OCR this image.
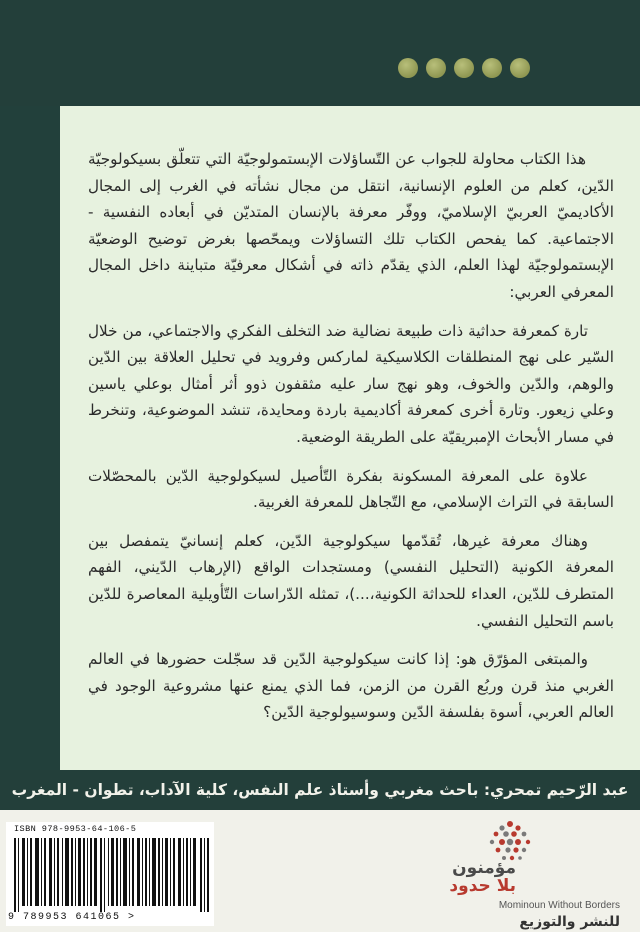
هذا الكتاب محاولة للجواب عن التّساؤلات الإبستمولوجيّة التي تتعلّق بسيكولوجيّة الدّين، كعلم من العلوم الإنسانية، انتقل من مجال نشأته في الغرب إلى المجال الأكاديميّ العربيّ الإسلاميّ، ووفّر معرفة بالإنسان المتديّن في أبعاده النفسية - الاجتماعية. كما يفحص الكتاب تلك التساؤلات ويمحّصها بغرض توضيح الوضعيّة الإبستمولوجيّة لهذا العلم، الذي يقدّم ذاته في أشكال معرفيّة متباينة داخل المجال المعرفي العربي:

تارة كمعرفة حداثية ذات طبيعة نضالية ضد التخلف الفكري والاجتماعي، من خلال السّير على نهج المنطلقات الكلاسيكية لماركس وفرويد في تحليل العلاقة بين الدّين والوهم، والدّين والخوف، وهو نهج سار عليه مثقفون ذوو أثر أمثال بوعلي ياسين وعلي زيعور. وتارة أخرى كمعرفة أكاديمية باردة ومحايدة، تنشد الموضوعية، وتنخرط في مسار الأبحاث الإمبريقيّة على الطريقة الوضعية.

علاوة على المعرفة المسكونة بفكرة التّأصيل لسيكولوجية الدّين بالمحصّلات السابقة في التراث الإسلامي، مع التّجاهل للمعرفة الغربية.

وهناك معرفة غيرها، تُقدّمها سيكولوجية الدّين، كعلم إنسانيّ يتمفصل بين المعرفة الكونية (التحليل النفسي) ومستجدات الواقع (الإرهاب الدّيني، الفهم المتطرف للدّين، العداء للحداثة الكونية،...)، تمثله الدّراسات التّأويلية المعاصرة للدّين باسم التحليل النفسي.

والمبتغى المؤرّق هو: إذا كانت سيكولوجية الدّين قد سجّلت حضورها في العالم الغربي منذ قرن وربُع القرن من الزمن، فما الذي يمنع عنها مشروعية الوجود في العالم العربي، أسوة بفلسفة الدّين وسوسيولوجية الدّين؟

عبد الرّحيم تمحري: باحث مغربي وأستاذ علم النفس، كلية الآداب، تطوان - المغرب
ISBN 978-9953-64-106-5
9 789953 641065 >
مؤمنون
بلا حدود
Mominoun Without Borders
للنشر والتوزيع
